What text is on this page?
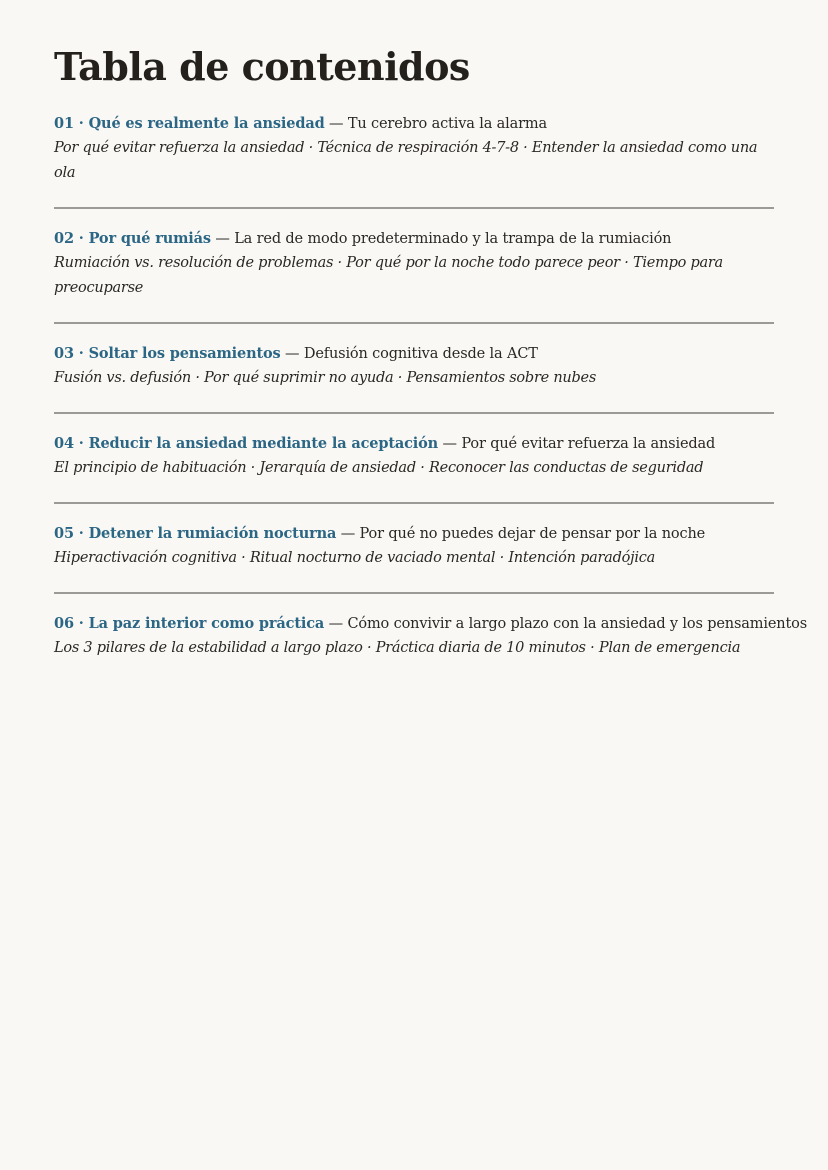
Tabla de contenidos
01 · Qué es realmente la ansiedad — Tu cerebro activa la alarma
Por qué evitar refuerza la ansiedad · Técnica de respiración 4-7-8 · Entender la ansiedad como una ola
02 · Por qué rumiás — La red de modo predeterminado y la trampa de la rumiación
Rumiación vs. resolución de problemas · Por qué por la noche todo parece peor · Tiempo para preocuparse
03 · Soltar los pensamientos — Defusión cognitiva desde la ACT
Fusión vs. defusión · Por qué suprimir no ayuda · Pensamientos sobre nubes
04 · Reducir la ansiedad mediante la aceptación — Por qué evitar refuerza la ansiedad
El principio de habituación · Jerarquía de ansiedad · Reconocer las conductas de seguridad
05 · Detener la rumiación nocturna — Por qué no puedes dejar de pensar por la noche
Hiperactivación cognitiva · Ritual nocturno de vaciado mental · Intención paradójica
06 · La paz interior como práctica — Cómo convivir a largo plazo con la ansiedad y los pensamientos
Los 3 pilares de la estabilidad a largo plazo · Práctica diaria de 10 minutos · Plan de emergencia
